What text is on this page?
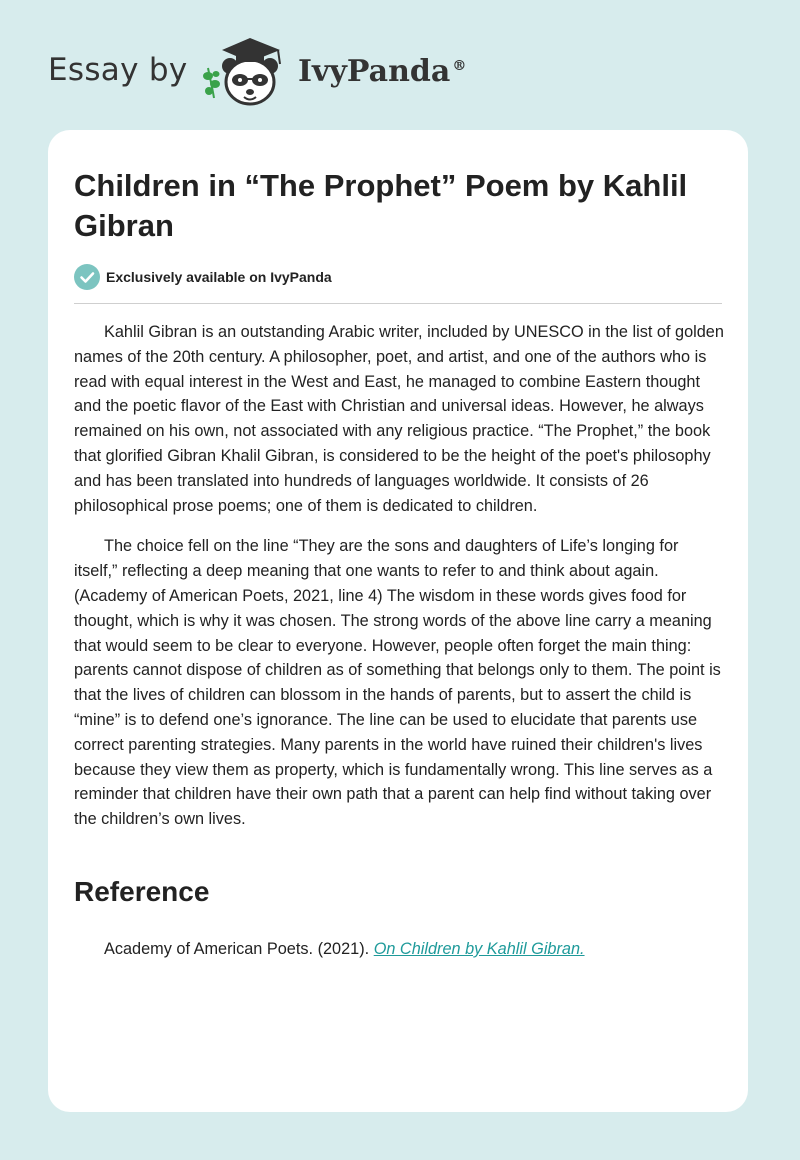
Essay by	IvyPanda ®
Children in “The Prophet” Poem by Kahlil Gibran
Exclusively available on IvyPanda

Kahlil Gibran is an outstanding Arabic writer, included by UNESCO in the list of golden names of the 20th century. A philosopher, poet, and artist, and one of the authors who is read with equal interest in the West and East, he managed to combine Eastern thought and the poetic flavor of the East with Christian and universal ideas. However, he always remained on his own, not associated with any religious practice. “The Prophet,” the book that glorified Gibran Khalil Gibran, is considered to be the height of the poet's philosophy and has been translated into hundreds of languages worldwide. It consists of 26 philosophical prose poems; one of them is dedicated to children.

The choice fell on the line “They are the sons and daughters of Life’s longing for itself,” reflecting a deep meaning that one wants to refer to and think about again. (Academy of American Poets, 2021, line 4) The wisdom in these words gives food for thought, which is why it was chosen. The strong words of the above line carry a meaning that would seem to be clear to everyone. However, people often forget the main thing: parents cannot dispose of children as of something that belongs only to them. The point is that the lives of children can blossom in the hands of parents, but to assert the child is “mine” is to defend one’s ignorance. The line can be used to elucidate that parents use correct parenting strategies. Many parents in the world have ruined their children's lives because they view them as property, which is fundamentally wrong. This line serves as a reminder that children have their own path that a parent can help find without taking over the children’s own lives.

Reference
Academy of American Poets. (2021). On Children by Kahlil Gibran.
